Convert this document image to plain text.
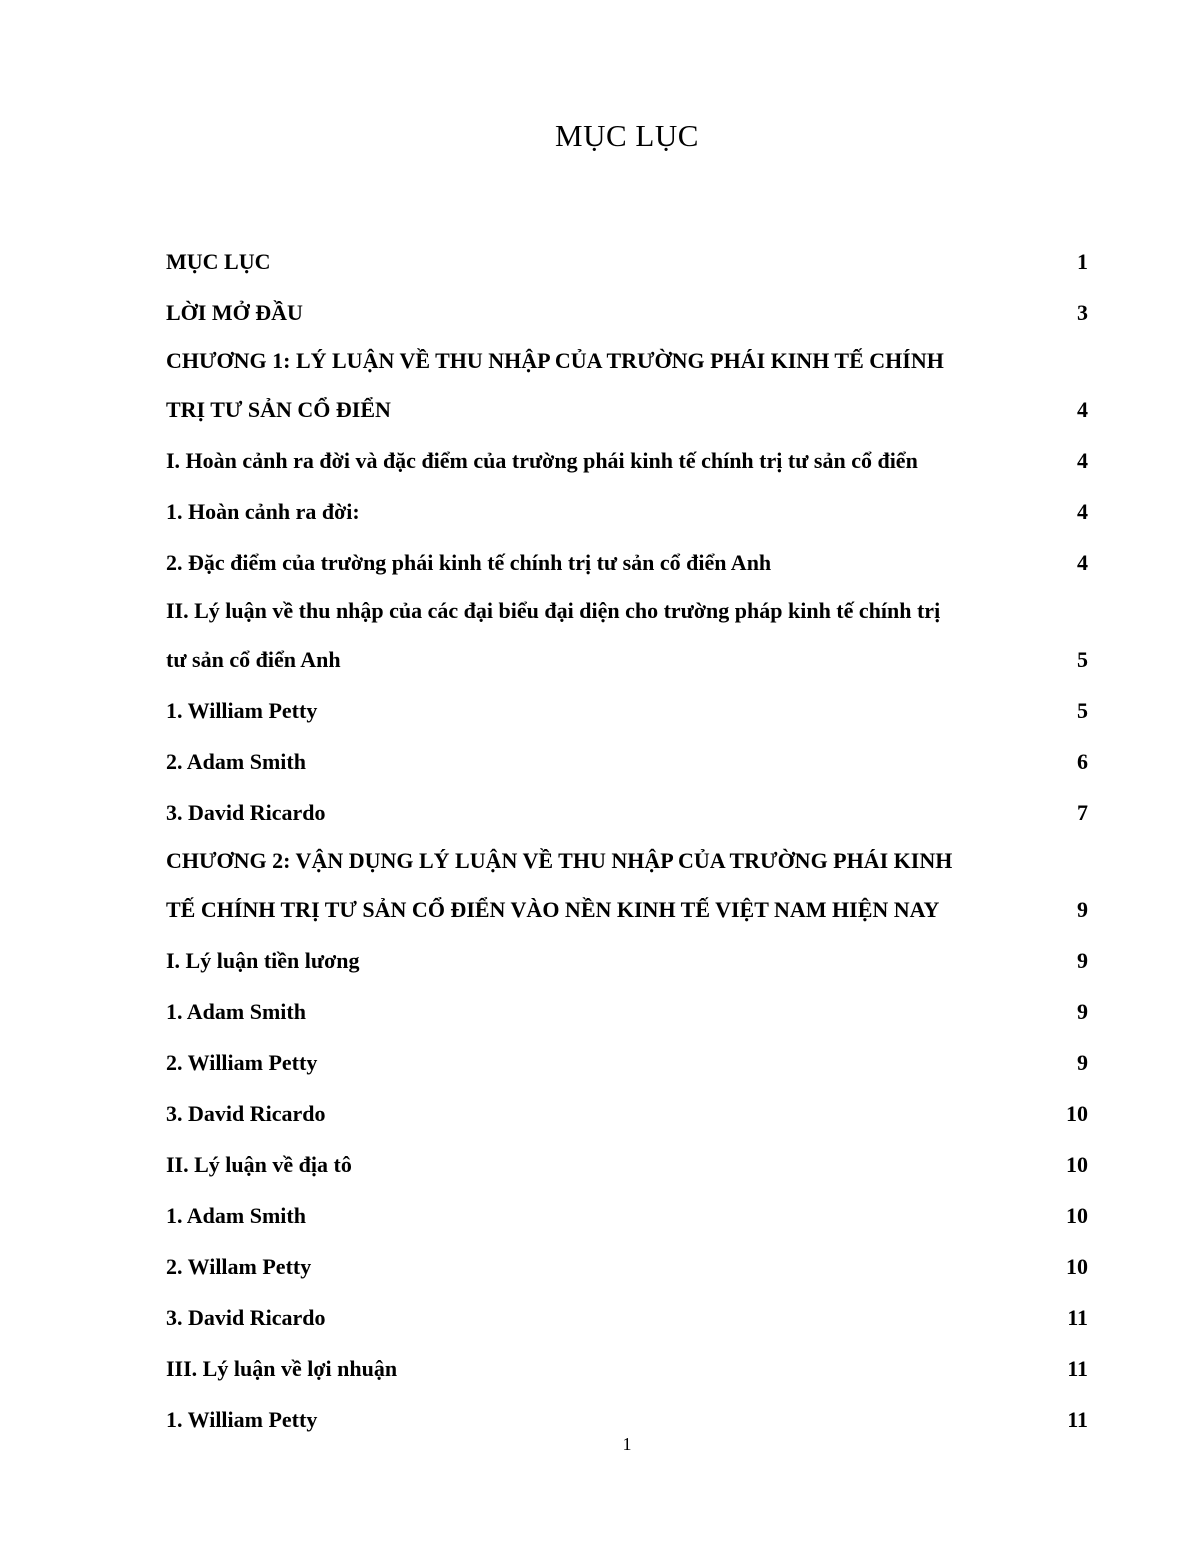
MỤC LỤC
MỤC LỤC	1
LỜI MỞ ĐẦU	3
CHƯƠNG 1: LÝ LUẬN VỀ THU NHẬP CỦA TRƯỜNG PHÁI KINH TẾ CHÍNH
TRỊ TƯ SẢN CỔ ĐIỂN	4
I. Hoàn cảnh ra đời và đặc điểm của trường phái kinh tế chính trị tư sản cổ điển	4
1. Hoàn cảnh ra đời:	4
2. Đặc điểm của trường phái kinh tế chính trị tư sản cổ điển Anh	4
II. Lý luận về thu nhập của các đại biểu đại diện cho trường pháp kinh tế chính trị
tư sản cổ điển Anh	5
1. William Petty	5
2. Adam Smith	6
3. David Ricardo	7
CHƯƠNG 2: VẬN DỤNG LÝ LUẬN VỀ THU NHẬP CỦA TRƯỜNG PHÁI KINH
TẾ CHÍNH TRỊ TƯ SẢN CỔ ĐIỂN VÀO NỀN KINH TẾ VIỆT NAM HIỆN NAY	9
I. Lý luận tiền lương	9
1. Adam Smith	9
2. William Petty	9
3. David Ricardo	10
II. Lý luận về địa tô	10
1. Adam Smith	10
2. Willam Petty	10
3. David Ricardo	11
III. Lý luận về lợi nhuận	11
1. William Petty	11
1
